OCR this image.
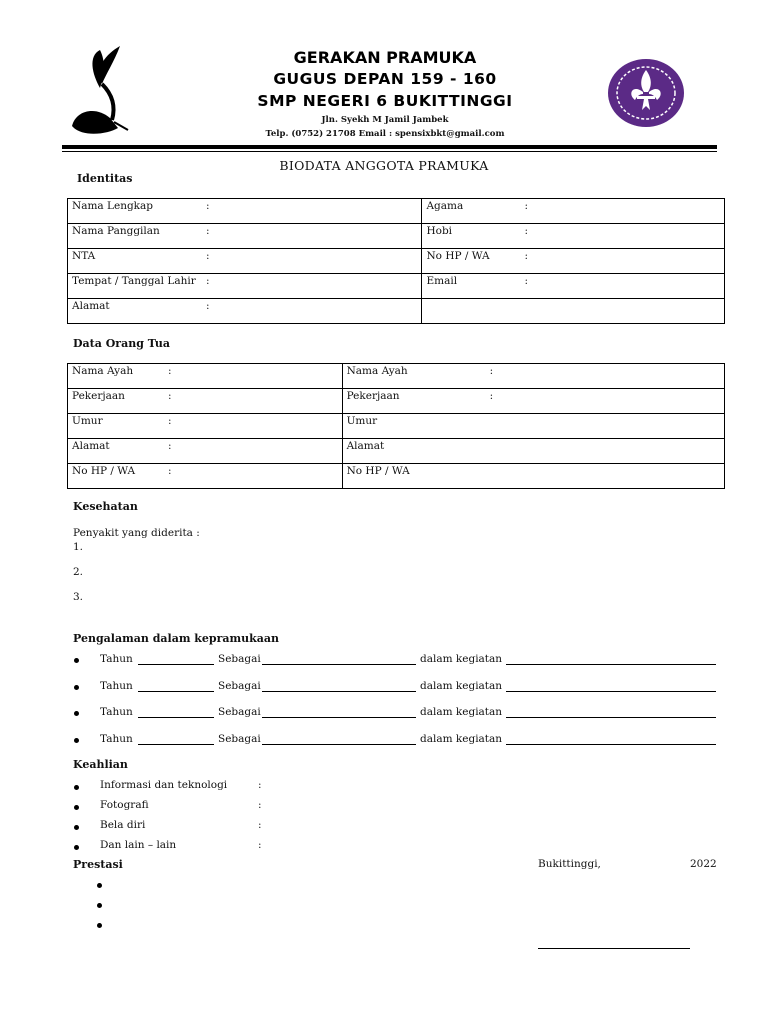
GERAKAN PRAMUKA
GUGUS DEPAN 159 - 160
SMP NEGERI 6 BUKITTINGGI
Jln. Syekh M Jamil Jambek
Telp. (0752) 21708 Email : spensixbkt@gmail.com
BIODATA ANGGOTA PRAMUKA
Identitas
Nama Lengkap :	Agama :
Nama Panggilan :	Hobi :
NTA :	No HP / WA :
Tempat / Tanggal Lahir :	Email :
Alamat :	
Data Orang Tua
Nama Ayah :	Nama Ayah :
Pekerjaan :	Pekerjaan :
Umur :	Umur
Alamat :	Alamat
No HP / WA :	No HP / WA
Kesehatan
Penyakit yang diderita :
1.
2.
3.
Pengalaman dalam kepramukaan
Tahun	Sebagai	dalam kegiatan
Tahun	Sebagai	dalam kegiatan
Tahun	Sebagai	dalam kegiatan
Tahun	Sebagai	dalam kegiatan
Keahlian
Informasi dan teknologi	:
Fotografi	:
Bela diri	:
Dan lain – lain	:
Prestasi	Bukittinggi,	2022
